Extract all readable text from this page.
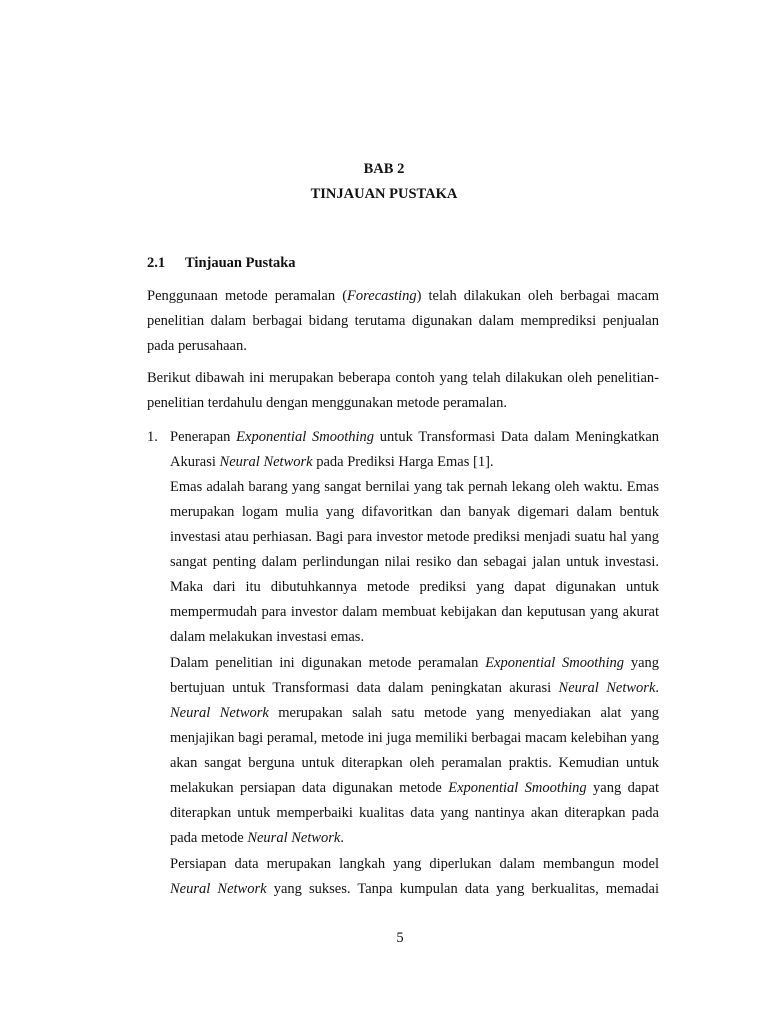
BAB 2
TINJAUAN PUSTAKA
2.1 Tinjauan Pustaka

Penggunaan metode peramalan (Forecasting) telah dilakukan oleh berbagai macam penelitian dalam berbagai bidang terutama digunakan dalam memprediksi penjualan pada perusahaan.

Berikut dibawah ini merupakan beberapa contoh yang telah dilakukan oleh penelitian-penelitian terdahulu dengan menggunakan metode peramalan.

1. Penerapan Exponential Smoothing untuk Transformasi Data dalam Meningkatkan Akurasi Neural Network pada Prediksi Harga Emas [1].

Emas adalah barang yang sangat bernilai yang tak pernah lekang oleh waktu. Emas merupakan logam mulia yang difavoritkan dan banyak digemari dalam bentuk investasi atau perhiasan. Bagi para investor metode prediksi menjadi suatu hal yang sangat penting dalam perlindungan nilai resiko dan sebagai jalan untuk investasi. Maka dari itu dibutuhkannya metode prediksi yang dapat digunakan untuk mempermudah para investor dalam membuat kebijakan dan keputusan yang akurat dalam melakukan investasi emas.

Dalam penelitian ini digunakan metode peramalan Exponential Smoothing yang bertujuan untuk Transformasi data dalam peningkatan akurasi Neural Network. Neural Network merupakan salah satu metode yang menyediakan alat yang menjajikan bagi peramal, metode ini juga memiliki berbagai macam kelebihan yang akan sangat berguna untuk diterapkan oleh peramalan praktis. Kemudian untuk melakukan persiapan data digunakan metode Exponential Smoothing yang dapat diterapkan untuk memperbaiki kualitas data yang nantinya akan diterapkan pada pada metode Neural Network.

Persiapan data merupakan langkah yang diperlukan dalam membangun model Neural Network yang sukses. Tanpa kumpulan data yang berkualitas, memadai

5
